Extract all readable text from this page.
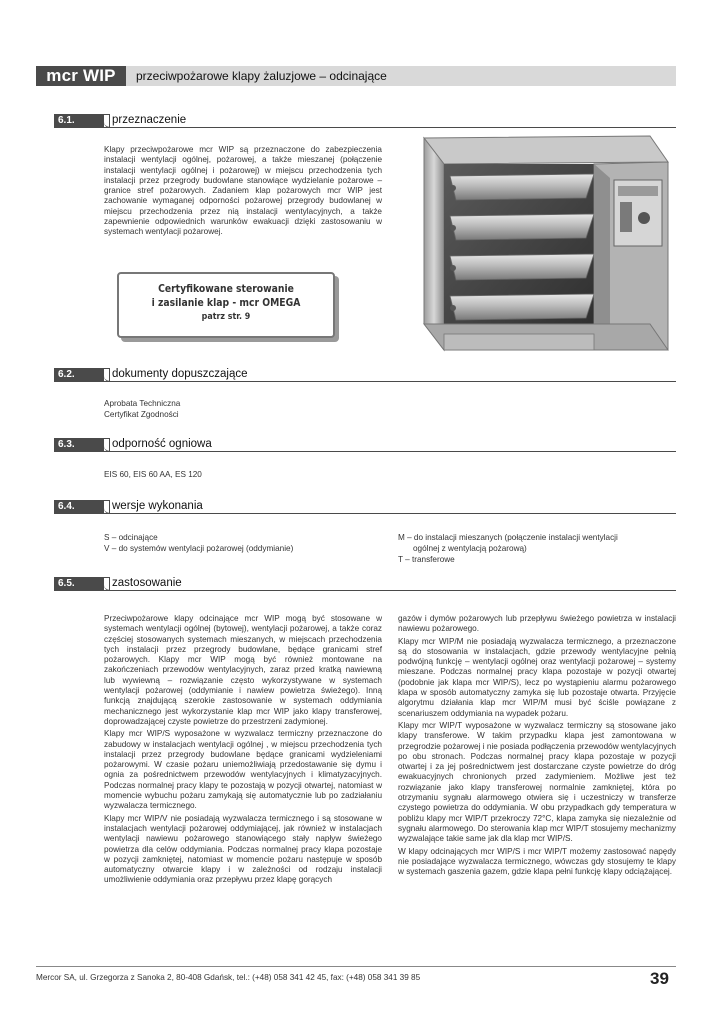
mcr WIP	przeciwpożarowe klapy żaluzjowe – odcinające
6.1.	przeznaczenie
Klapy przeciwpożarowe mcr WIP są przeznaczone do zabezpieczenia instalacji wentylacji ogólnej, pożarowej, a także mieszanej (połączenie instalacji wentylacji ogólnej i pożarowej) w miejscu przechodzenia tych instalacji przez przegrody budowlane stanowiące wydzielanie pożarowe – granice stref pożarowych. Zadaniem klap pożarowych mcr WIP jest zachowanie wymaganej odporności pożarowej przegrody budowlanej w miejscu przechodzenia przez nią instalacji wentylacyjnych, a także zapewnienie odpowiednich warunków ewakuacji dzięki zastosowaniu w systemach wentylacji pożarowej.
Certyfikowane sterowanie
i zasilanie klap - mcr OMEGA
patrz str. 9
6.2.	dokumenty dopuszczające
Aprobata Techniczna
Certyfikat Zgodności
6.3.	odporność ogniowa
EIS 60, EIS 60 AA, ES 120
6.4.	wersje wykonania
S – odcinające
V – do systemów wentylacji pożarowej (oddymianie)
M – do instalacji mieszanych (połączenie instalacji wentylacji
ogólnej z wentylacją pożarową)
T – transferowe
6.5.	zastosowanie

Przeciwpożarowe klapy odcinające mcr WIP mogą być stosowane w systemach wentylacji ogólnej (bytowej), wentylacji pożarowej, a także coraz częściej stosowanych systemach mieszanych, w miejscach przechodzenia tych instalacji przez przegrody budowlane, będące granicami stref pożarowych. Klapy mcr WIP mogą być również montowane na zakończeniach przewodów wentylacyjnych, zaraz przed kratką nawiewną lub wywiewną – rozwiązanie często wykorzystywane w systemach wentylacji pożarowej (oddymianie i nawiew powietrza świeżego). Inną funkcją znajdującą szerokie zastosowanie w systemach oddymiania mechanicznego jest wykorzystanie klap mcr WIP jako klapy transferowej, doprowadzającej czyste powietrze do przestrzeni zadymionej.

Klapy mcr WIP/S wyposażone w wyzwalacz termiczny przeznaczone do zabudowy w instalacjach wentylacji ogólnej , w miejscu przechodzenia tych instalacji przez przegrody budowlane będące granicami wydzieleniami pożarowymi. W czasie pożaru uniemożliwiają przedostawanie się dymu i ognia za pośrednictwem przewodów wentylacyjnych i klimatyzacyjnych. Podczas normalnej pracy klapy te pozostają w pozycji otwartej, natomiast w momencie wybuchu pożaru zamykają się automatycznie lub po zadziałaniu wyzwalacza termicznego.

Klapy mcr WIP/V nie posiadają wyzwalacza termicznego i są stosowane w instalacjach wentylacji pożarowej oddymiającej, jak również w instalacjach wentylacji nawiewu pożarowego stanowiącego stały napływ świeżego powietrza dla celów oddymiania. Podczas normalnej pracy klapa pozostaje w pozycji zamkniętej, natomiast w momencie pożaru następuje w sposób automatyczny otwarcie klapy i w zależności od rodzaju instalacji umożliwienie oddymiania oraz przepływu przez klapę gorących

gazów i dymów pożarowych lub przepływu świeżego powietrza w instalacji nawiewu pożarowego.

Klapy mcr WIP/M nie posiadają wyzwalacza termicznego, a przeznaczone są do stosowania w instalacjach, gdzie przewody wentylacyjne pełnią podwójną funkcję – wentylacji ogólnej oraz wentylacji pożarowej – systemy mieszane. Podczas normalnej pracy klapa pozostaje w pozycji otwartej (podobnie jak klapa mcr WIP/S), lecz po wystąpieniu alarmu pożarowego klapa w sposób automatyczny zamyka się lub pozostaje otwarta. Przyjęcie algorytmu działania klap mcr WIP/M musi być ściśle powiązane z scenariuszem oddymiania na wypadek pożaru.

Klapy mcr WIP/T wyposażone w wyzwalacz termiczny są stosowane jako klapy transferowe. W takim przypadku klapa jest zamontowana w przegrodzie pożarowej i nie posiada podłączenia przewodów wentylacyjnych po obu stronach. Podczas normalnej pracy klapa pozostaje w pozycji otwartej i za jej pośrednictwem jest dostarczane czyste powietrze do dróg ewakuacyjnych chronionych przed zadymieniem. Możliwe jest też rozwiązanie jako klapy transferowej normalnie zamkniętej, która po otrzymaniu sygnału alarmowego otwiera się i uczestniczy w transferze czystego powietrza do oddymiania. W obu przypadkach gdy temperatura w pobliżu klapy mcr WIP/T przekroczy 72°C, klapa zamyka się niezależnie od sygnału alarmowego. Do sterowania klap mcr WIP/T stosujemy mechanizmy wyzwalające takie same jak dla klap mcr WIP/S.

W klapy odcinających mcr WIP/S i mcr WIP/T możemy zastosować napędy nie posiadające wyzwalacza termicznego, wówczas gdy stosujemy te klapy w systemach gaszenia gazem, gdzie klapa pełni funkcję klapy odciążającej.

Mercor SA, ul. Grzegorza z Sanoka 2, 80-408 Gdańsk, tel.: (+48) 058 341 42 45, fax: (+48) 058 341 39 85	39
